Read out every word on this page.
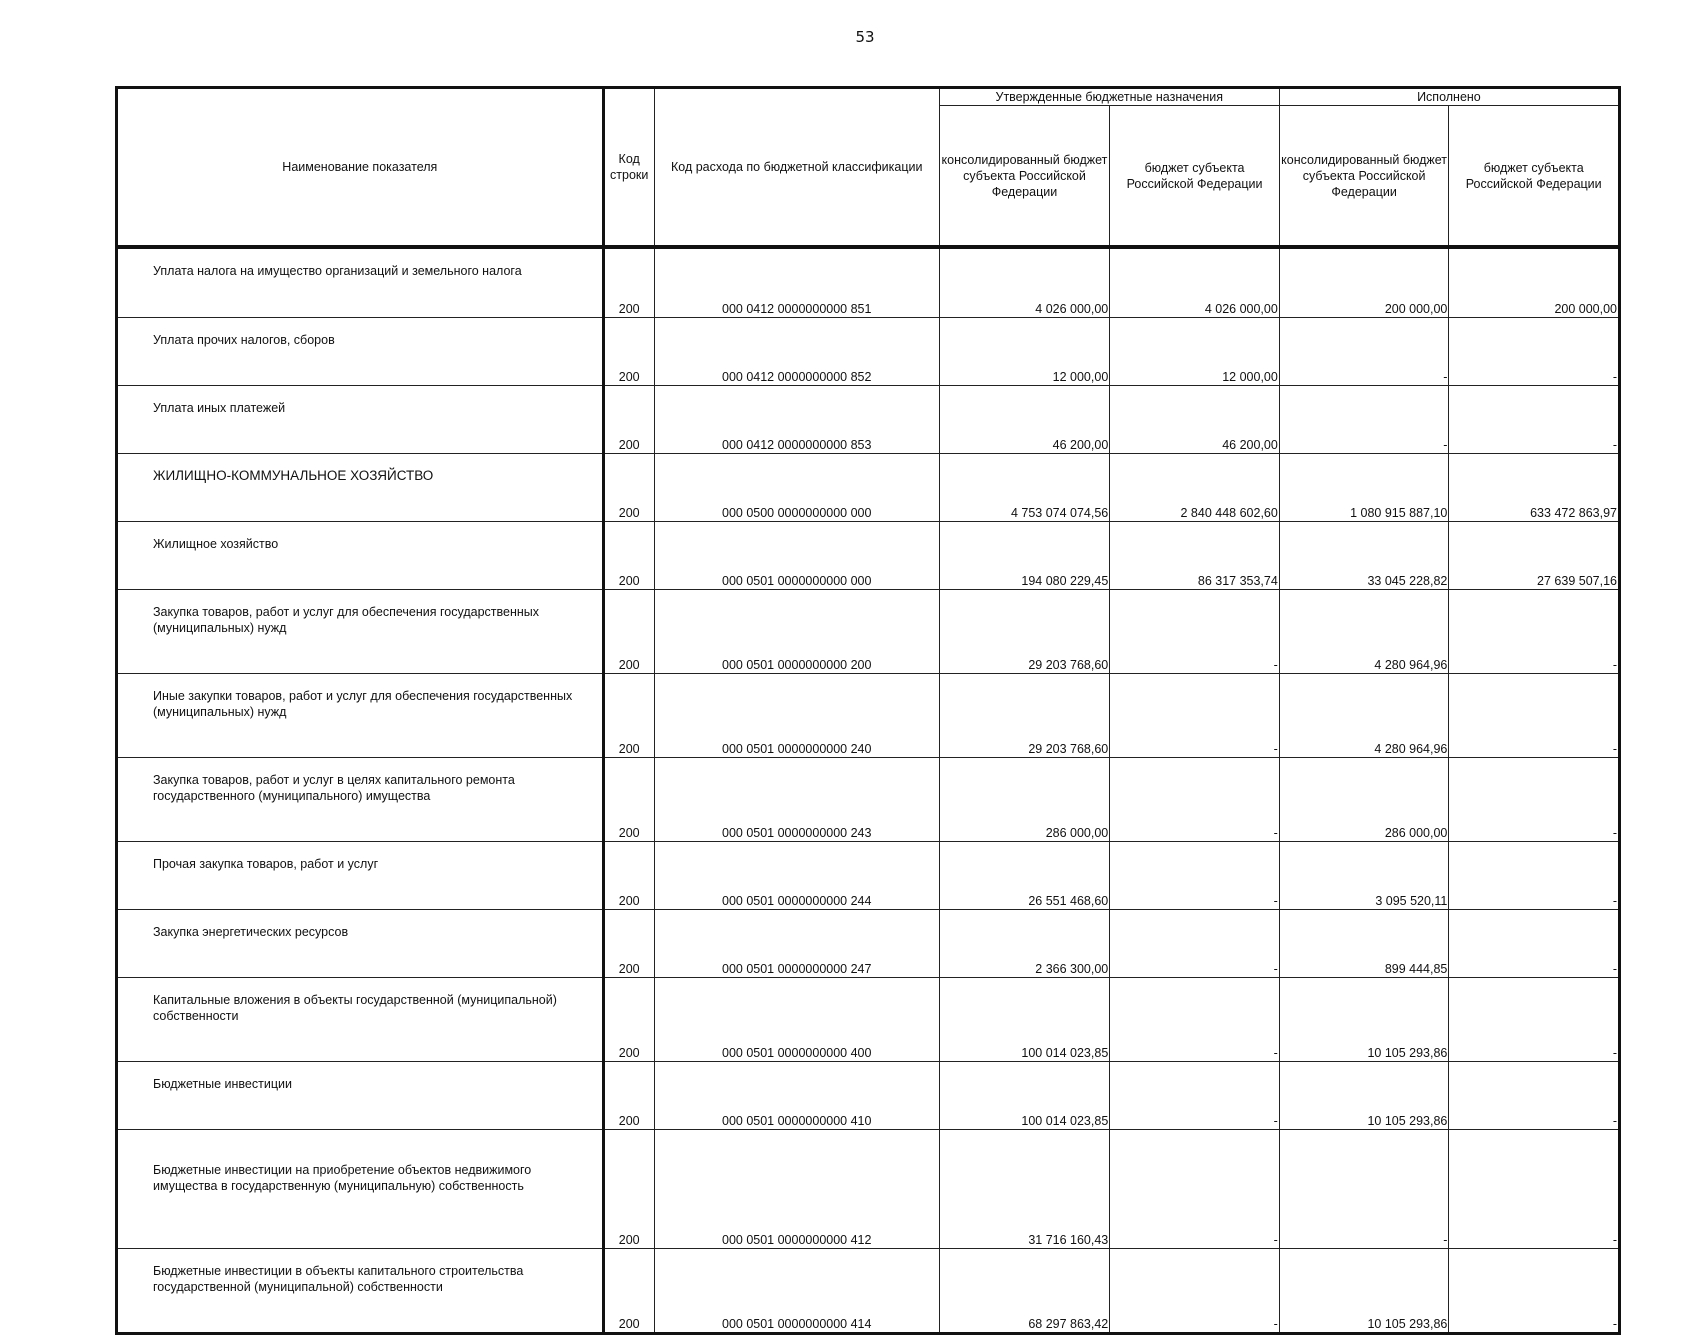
53
Наименование показателя	Код строки	Код расхода по бюджетной классификации	Утвержденные бюджетные назначения		Исполнено	
			консолидированный бюджет субъекта Российской Федерации	бюджет субъекта Российской Федерации	консолидированный бюджет субъекта Российской Федерации	бюджет субъекта Российской Федерации
Уплата налога на имущество организаций и земельного налога	200	000 0412 0000000000 851	4 026 000,00	4 026 000,00	200 000,00	200 000,00
Уплата прочих налогов, сборов	200	000 0412 0000000000 852	12 000,00	12 000,00	-	-
Уплата иных платежей	200	000 0412 0000000000 853	46 200,00	46 200,00	-	-
ЖИЛИЩНО-КОММУНАЛЬНОЕ ХОЗЯЙСТВО	200	000 0500 0000000000 000	4 753 074 074,56	2 840 448 602,60	1 080 915 887,10	633 472 863,97
Жилищное хозяйство	200	000 0501 0000000000 000	194 080 229,45	86 317 353,74	33 045 228,82	27 639 507,16
Закупка товаров, работ и услуг для обеспечения государственных (муниципальных) нужд	200	000 0501 0000000000 200	29 203 768,60	-	4 280 964,96	-
Иные закупки товаров, работ и услуг для обеспечения государственных (муниципальных) нужд	200	000 0501 0000000000 240	29 203 768,60	-	4 280 964,96	-
Закупка товаров, работ и услуг в целях капитального ремонта государственного (муниципального) имущества	200	000 0501 0000000000 243	286 000,00	-	286 000,00	-
Прочая закупка товаров, работ и услуг	200	000 0501 0000000000 244	26 551 468,60	-	3 095 520,11	-
Закупка энергетических ресурсов	200	000 0501 0000000000 247	2 366 300,00	-	899 444,85	-
Капитальные вложения в объекты государственной (муниципальной) собственности	200	000 0501 0000000000 400	100 014 023,85	-	10 105 293,86	-
Бюджетные инвестиции	200	000 0501 0000000000 410	100 014 023,85	-	10 105 293,86	-
Бюджетные инвестиции на приобретение объектов недвижимого имущества в государственную (муниципальную) собственность	200	000 0501 0000000000 412	31 716 160,43	-	-	-
Бюджетные инвестиции в объекты капитального строительства государственной (муниципальной) собственности	200	000 0501 0000000000 414	68 297 863,42	-	10 105 293,86	-
